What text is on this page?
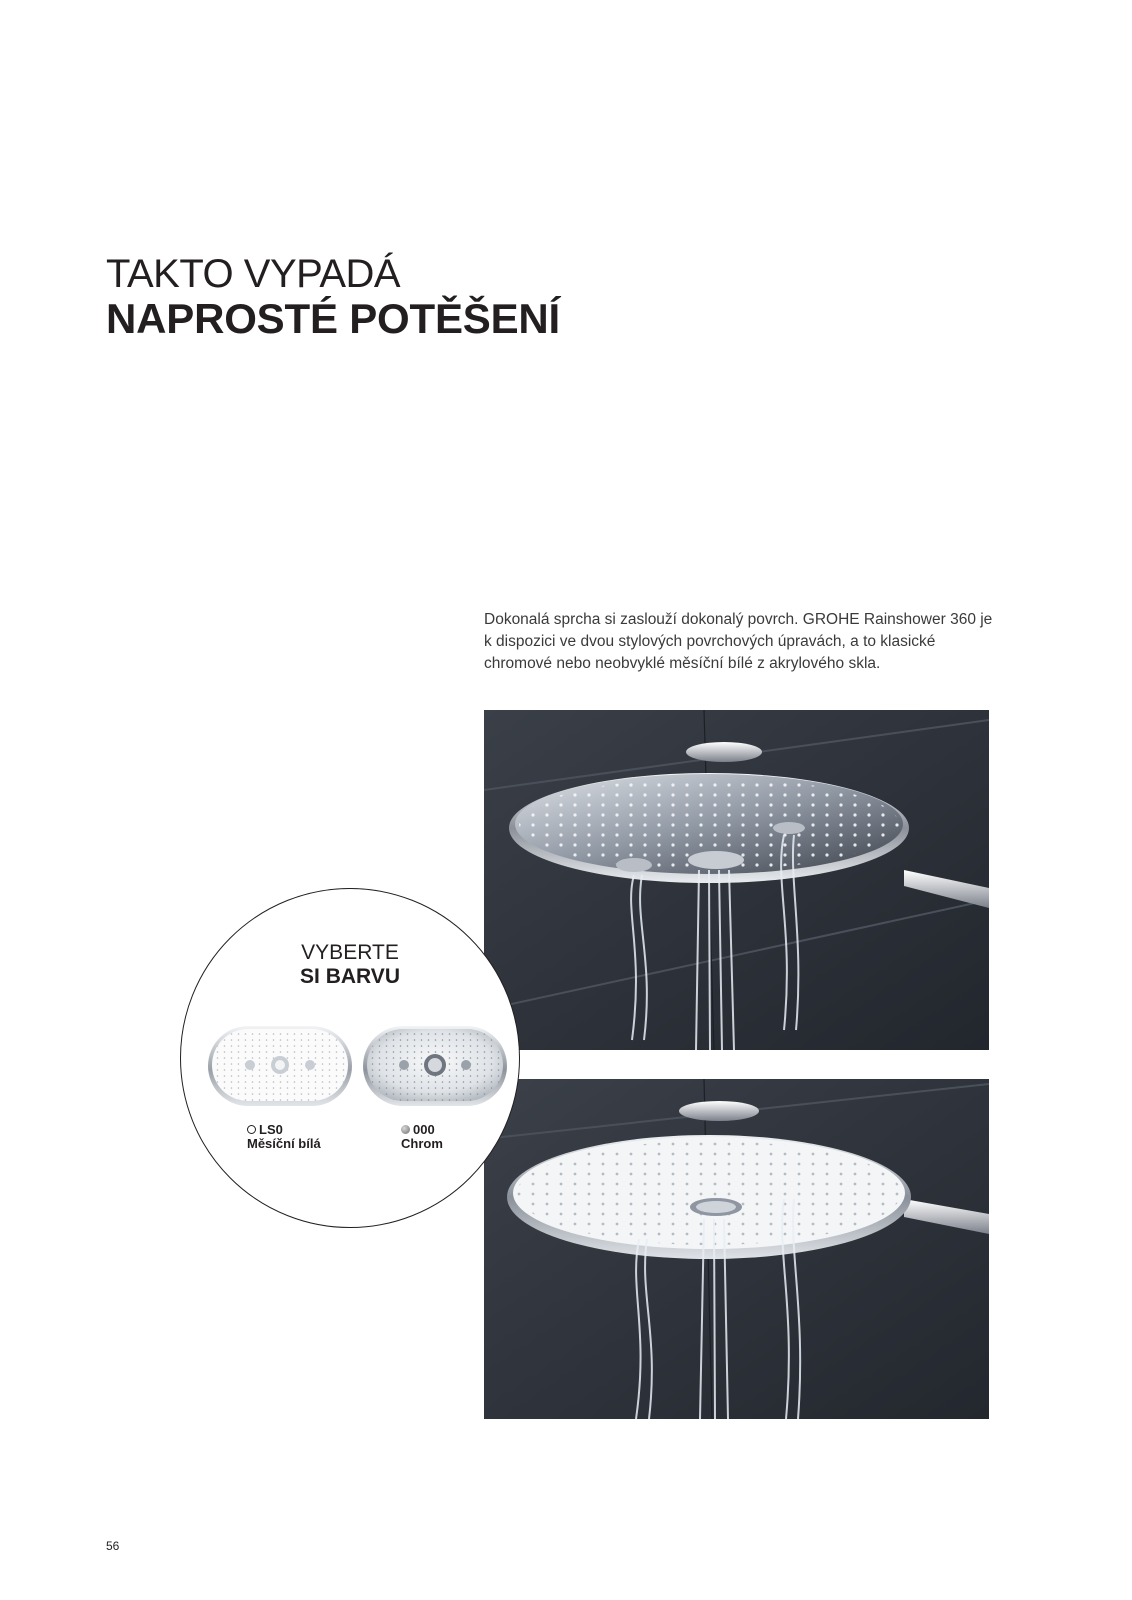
TAKTO VYPADÁ
NAPROSTÉ POTĚŠENÍ

Dokonalá sprcha si zaslouží dokonalý povrch. GROHE Rainshower 360 je k dispozici ve dvou stylových povrchových úpravách, a to klasické chromové nebo neobvyklé měsíční bílé z akrylového skla.

VYBERTE
SI BARVU
LS0
Měsíční bílá
000
Chrom
56
